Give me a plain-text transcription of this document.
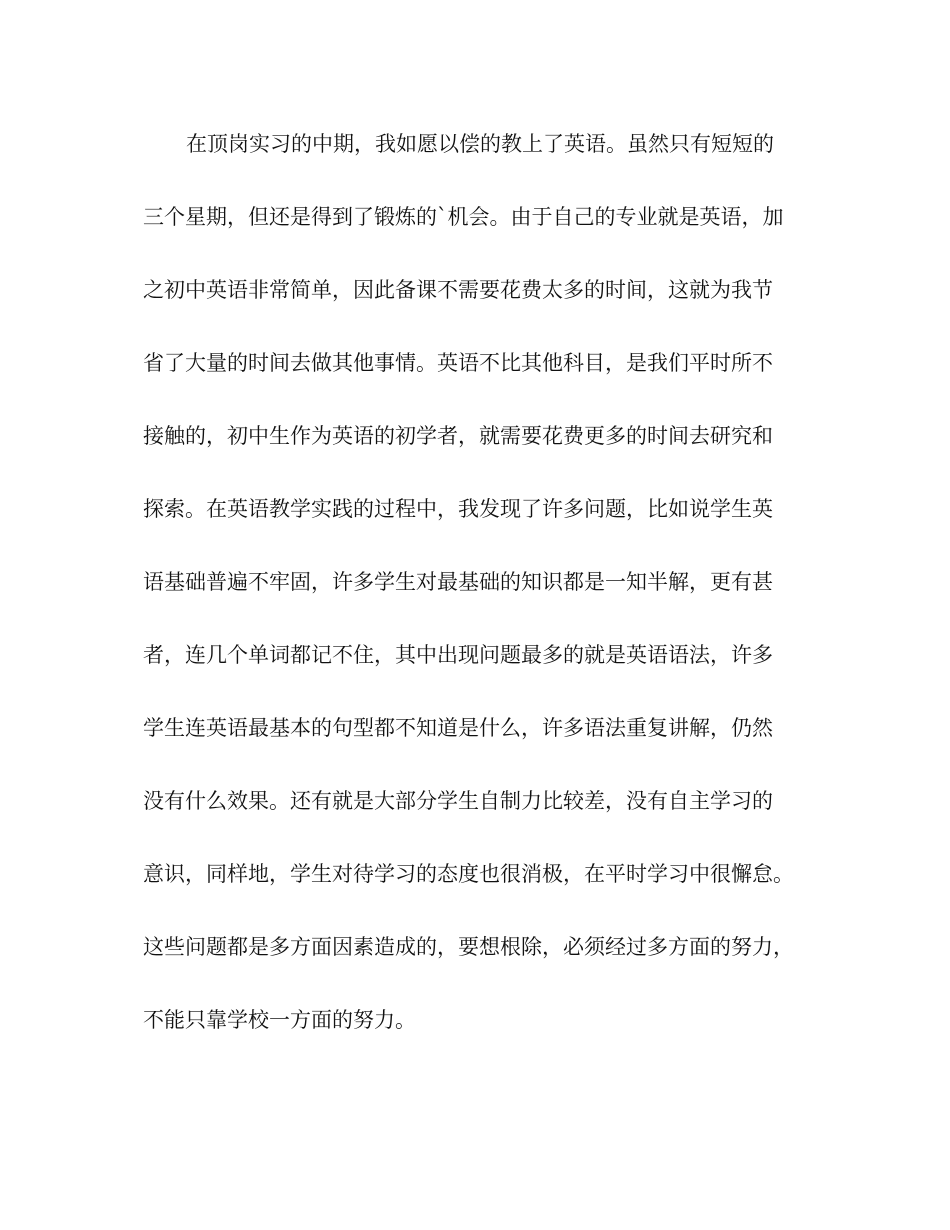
在顶岗实习的中期，我如愿以偿的教上了英语。虽然只有短短的
三个星期，但还是得到了锻炼的`机会。由于自己的专业就是英语，加
之初中英语非常简单，因此备课不需要花费太多的时间，这就为我节
省了大量的时间去做其他事情。英语不比其他科目，是我们平时所不
接触的，初中生作为英语的初学者，就需要花费更多的时间去研究和
探索。在英语教学实践的过程中，我发现了许多问题，比如说学生英
语基础普遍不牢固，许多学生对最基础的知识都是一知半解，更有甚
者，连几个单词都记不住，其中出现问题最多的就是英语语法，许多
学生连英语最基本的句型都不知道是什么，许多语法重复讲解，仍然
没有什么效果。还有就是大部分学生自制力比较差，没有自主学习的
意识，同样地，学生对待学习的态度也很消极，在平时学习中很懈怠。
这些问题都是多方面因素造成的，要想根除，必须经过多方面的努力，
不能只靠学校一方面的努力。
